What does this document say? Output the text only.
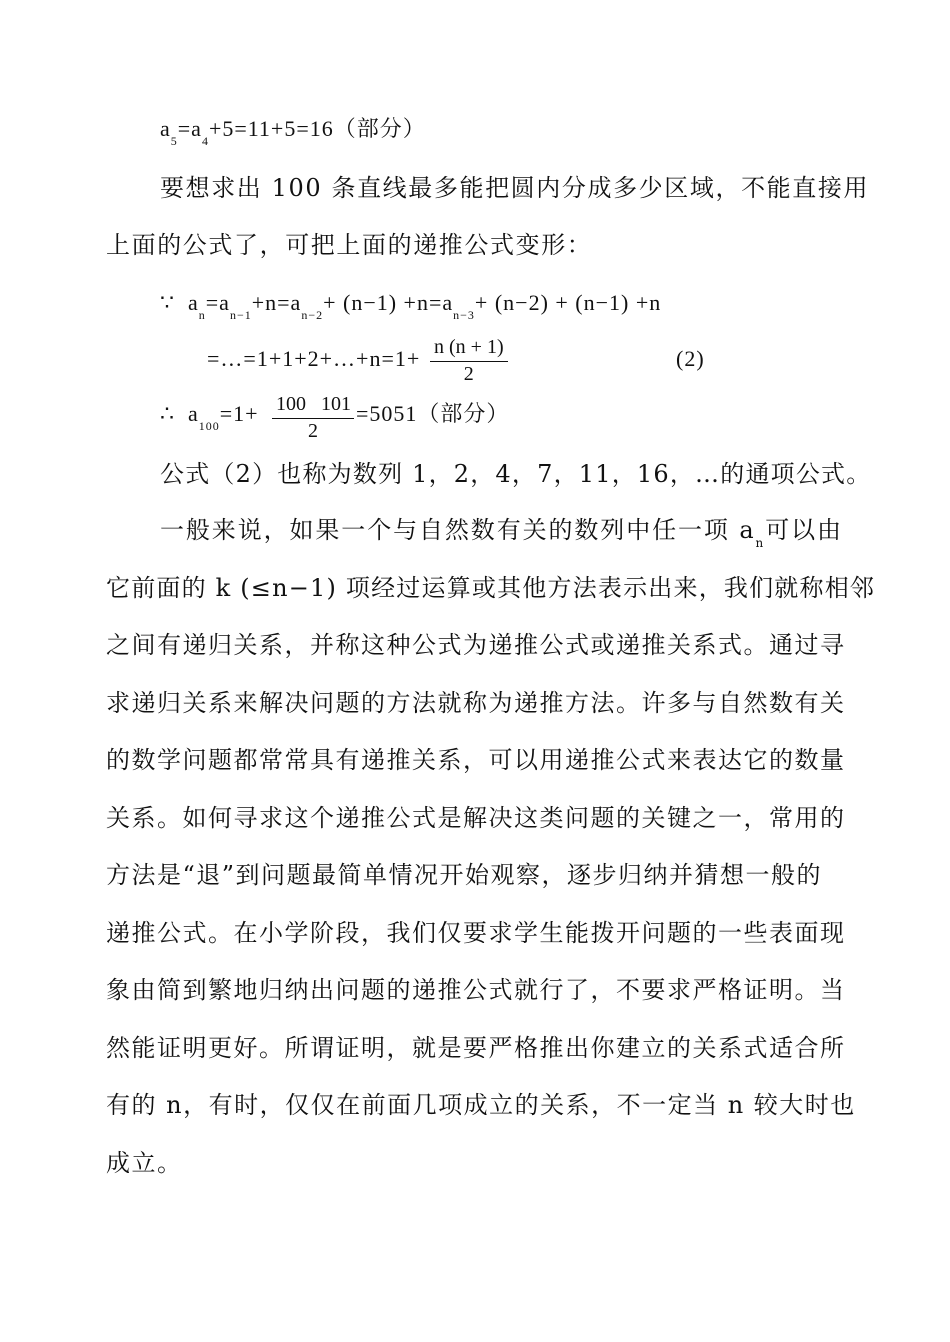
$a_5=a_4+5=11+5=16$（部分）
要想求出 100 条直线最多能把圆内分成多少区域，不能直接用
上面的公式了，可把上面的递推公式变形：
∵ $a_n=a_{n-1}+n=a_{n-2}+ (n-1) +n=a_{n-3}+ (n-2) + (n-1) +n$
=…=1+1+2+…+n=1+ $\frac{n (n + 1)}{2}$	(2)
∴ $a_{100}=1+ \frac{100 101}{2} =5051$（部分）
公式（2）也称为数列 1，2，4，7，11，16，…的通项公式。
一般来说，如果一个与自然数有关的数列中任一项 $a_n$可以由
它前面的 k (≤n−1) 项经过运算或其他方法表示出来，我们就称相邻
之间有递归关系，并称这种公式为递推公式或递推关系式。通过寻
求递归关系来解决问题的方法就称为递推方法。许多与自然数有关
的数学问题都常常具有递推关系，可以用递推公式来表达它的数量
关系。如何寻求这个递推公式是解决这类问题的关键之一，常用的
方法是“退”到问题最简单情况开始观察，逐步归纳并猜想一般的
递推公式。在小学阶段，我们仅要求学生能拨开问题的一些表面现
象由简到繁地归纳出问题的递推公式就行了，不要求严格证明。当
然能证明更好。所谓证明，就是要严格推出你建立的关系式适合所
有的 n，有时，仅仅在前面几项成立的关系，不一定当 n 较大时也
成立。
